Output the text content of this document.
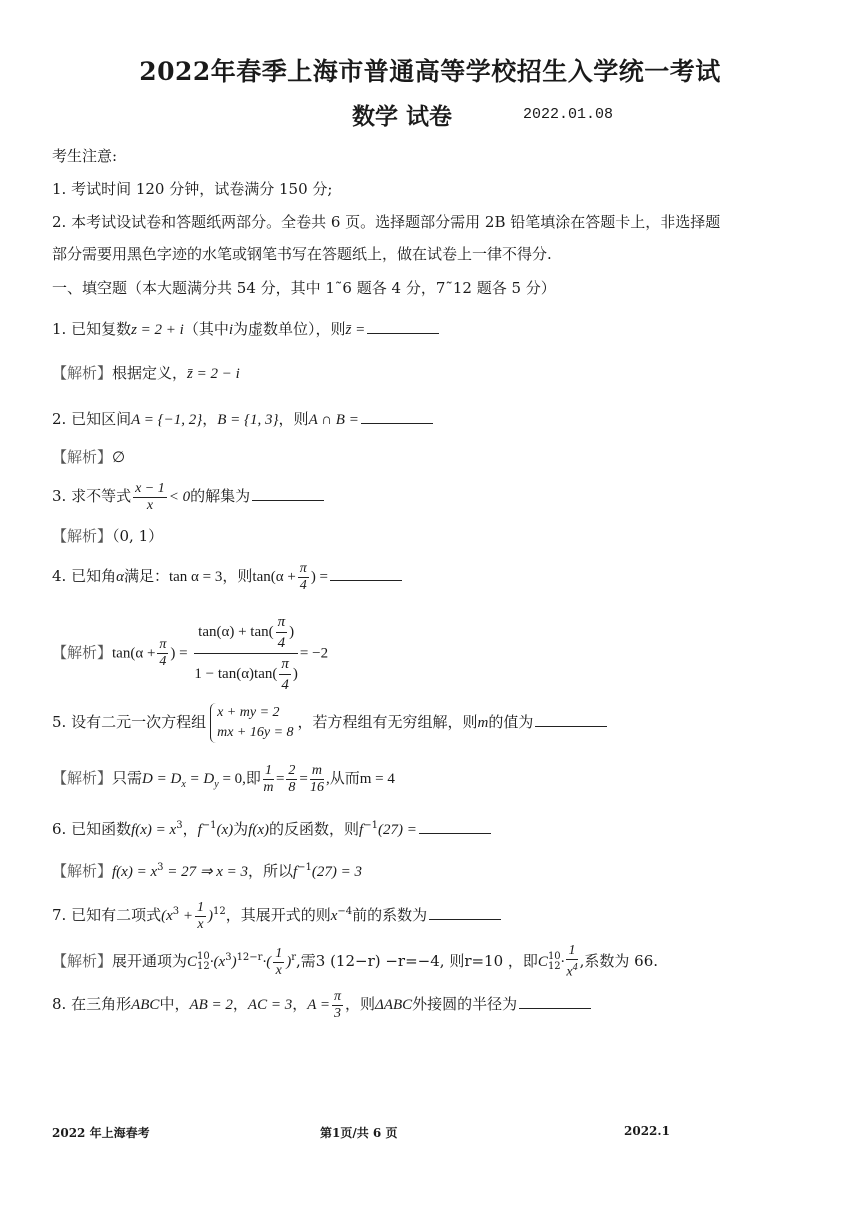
2022年春季上海市普通高等学校招生入学统一考试
数学 试卷	2022.01.08
考生注意:
1. 考试时间 120 分钟，试卷满分 150 分;
2. 本考试设试卷和答题纸两部分。全卷共 6 页。选择题部分需用 2B 铅笔填涂在答题卡上，非选择题
部分需要用黑色字迹的水笔或钢笔书写在答题纸上，做在试卷上一律不得分.
一、填空题（本大题满分共 54 分，其中 1˜6 题各 4 分，7˜12 题各 5 分）
1. 已知复数z = 2 + i（其中i为虚数单位），则z̄ =
【解析】根据定义，z̄ = 2 − i
2. 已知区间A = {−1, 2}，B = {1, 3}，则A ∩ B =
【解析】∅
3. 求不等式 $\frac{x - 1}{x} < 0$的解集为
【解析】（0, 1）
4. 已知角α满足：tan α = 3，则$\tan(\alpha + \frac{\pi}{4}$ ) =
【解析】$\tan(\alpha + \frac{\pi}{4}$ ) = $\frac{\tan(\alpha) + \tan( \frac{\pi}{4} )}{1 - \tan(\alpha)\tan( \frac{\pi}{4} )} = -2$
5. 设有二元一次方程组
x + my = 2
mx + 16y = 8
，若方程组有无穷组解，则m的值为
【解析】只需$D = D_x = D_y = 0$,即 $\frac{1}{m} = \frac{2}{8} = \frac{m}{16}$ ,从而m = 4
6. 已知函数$f(x) = x^3$，$f^{-1}(x)$为f(x)的反函数，则$f^{-1}(27)$ =
【解析】$f(x) = x^3 = 27$ ⇒ x = 3，所以$f^{-1}(27) = 3$
7. 已知有二项式$(x^3 + \frac{1}{x} )^{12}$，其展开式的则$x^{-4}$前的系数为
【解析】展开通项为C 10
$12 \cdot(x^3)^{12-r}\cdot( \frac{1}{x} )^r$,需3 (12−r) −r=−4, 则r=10 ，即C 10
$12 \cdot \frac{1}{x^4}$ ,系数为 66.
8. 在三角形ABC中，AB = 2，AC = 3，$A = \frac{\pi}{3}$ ，则ΔABC外接圆的半径为
2022 年上海春考	第1页/共 6 页	2022.1
